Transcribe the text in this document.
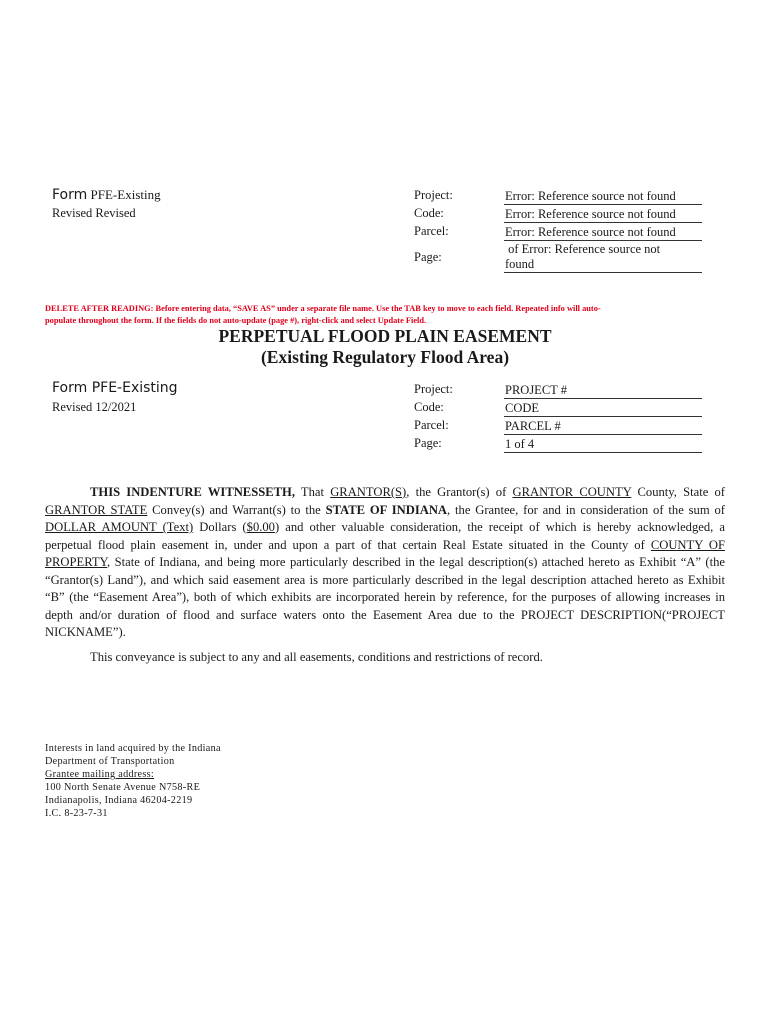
Form PFE-Existing
Revised Revised
Project:
Code:
Parcel:
Page:
Error: Reference source not found
Error: Reference source not found
Error: Reference source not found
of Error: Reference source not
found
DELETE AFTER READING: Before entering data, “SAVE AS” under a separate file name. Use the TAB key to move to each field. Repeated info will auto-
populate throughout the form. If the fields do not auto-update (page #), right-click and select Update Field.
PERPETUAL FLOOD PLAIN EASEMENT
(Existing Regulatory Flood Area)
Form PFE-Existing
Revised 12/2021
Project:
Code:
Parcel:
Page:
PROJECT #
CODE
PARCEL #
1 of 4
THIS INDENTURE WITNESSETH, That GRANTOR(S), the Grantor(s) of GRANTOR COUNTY County, State of GRANTOR STATE Convey(s) and Warrant(s) to the STATE OF INDIANA, the Grantee, for and in consideration of the sum of DOLLAR AMOUNT (Text) Dollars ($0.00) and other valuable consideration, the receipt of which is hereby acknowledged, a perpetual flood plain easement in, under and upon a part of that certain Real Estate situated in the County of COUNTY OF PROPERTY, State of Indiana, and being more particularly described in the legal description(s) attached hereto as Exhibit “A” (the “Grantor(s) Land”), and which said easement area is more particularly described in the legal description attached hereto as Exhibit “B” (the “Easement Area”), both of which exhibits are incorporated herein by reference, for the purposes of allowing increases in depth and/or duration of flood and surface waters onto the Easement Area due to the PROJECT DESCRIPTION(“PROJECT NICKNAME”).
This conveyance is subject to any and all easements, conditions and restrictions of record.
Interests in land acquired by the Indiana
Department of Transportation
Grantee mailing address:
100 North Senate Avenue N758-RE
Indianapolis, Indiana 46204-2219
I.C. 8-23-7-31
